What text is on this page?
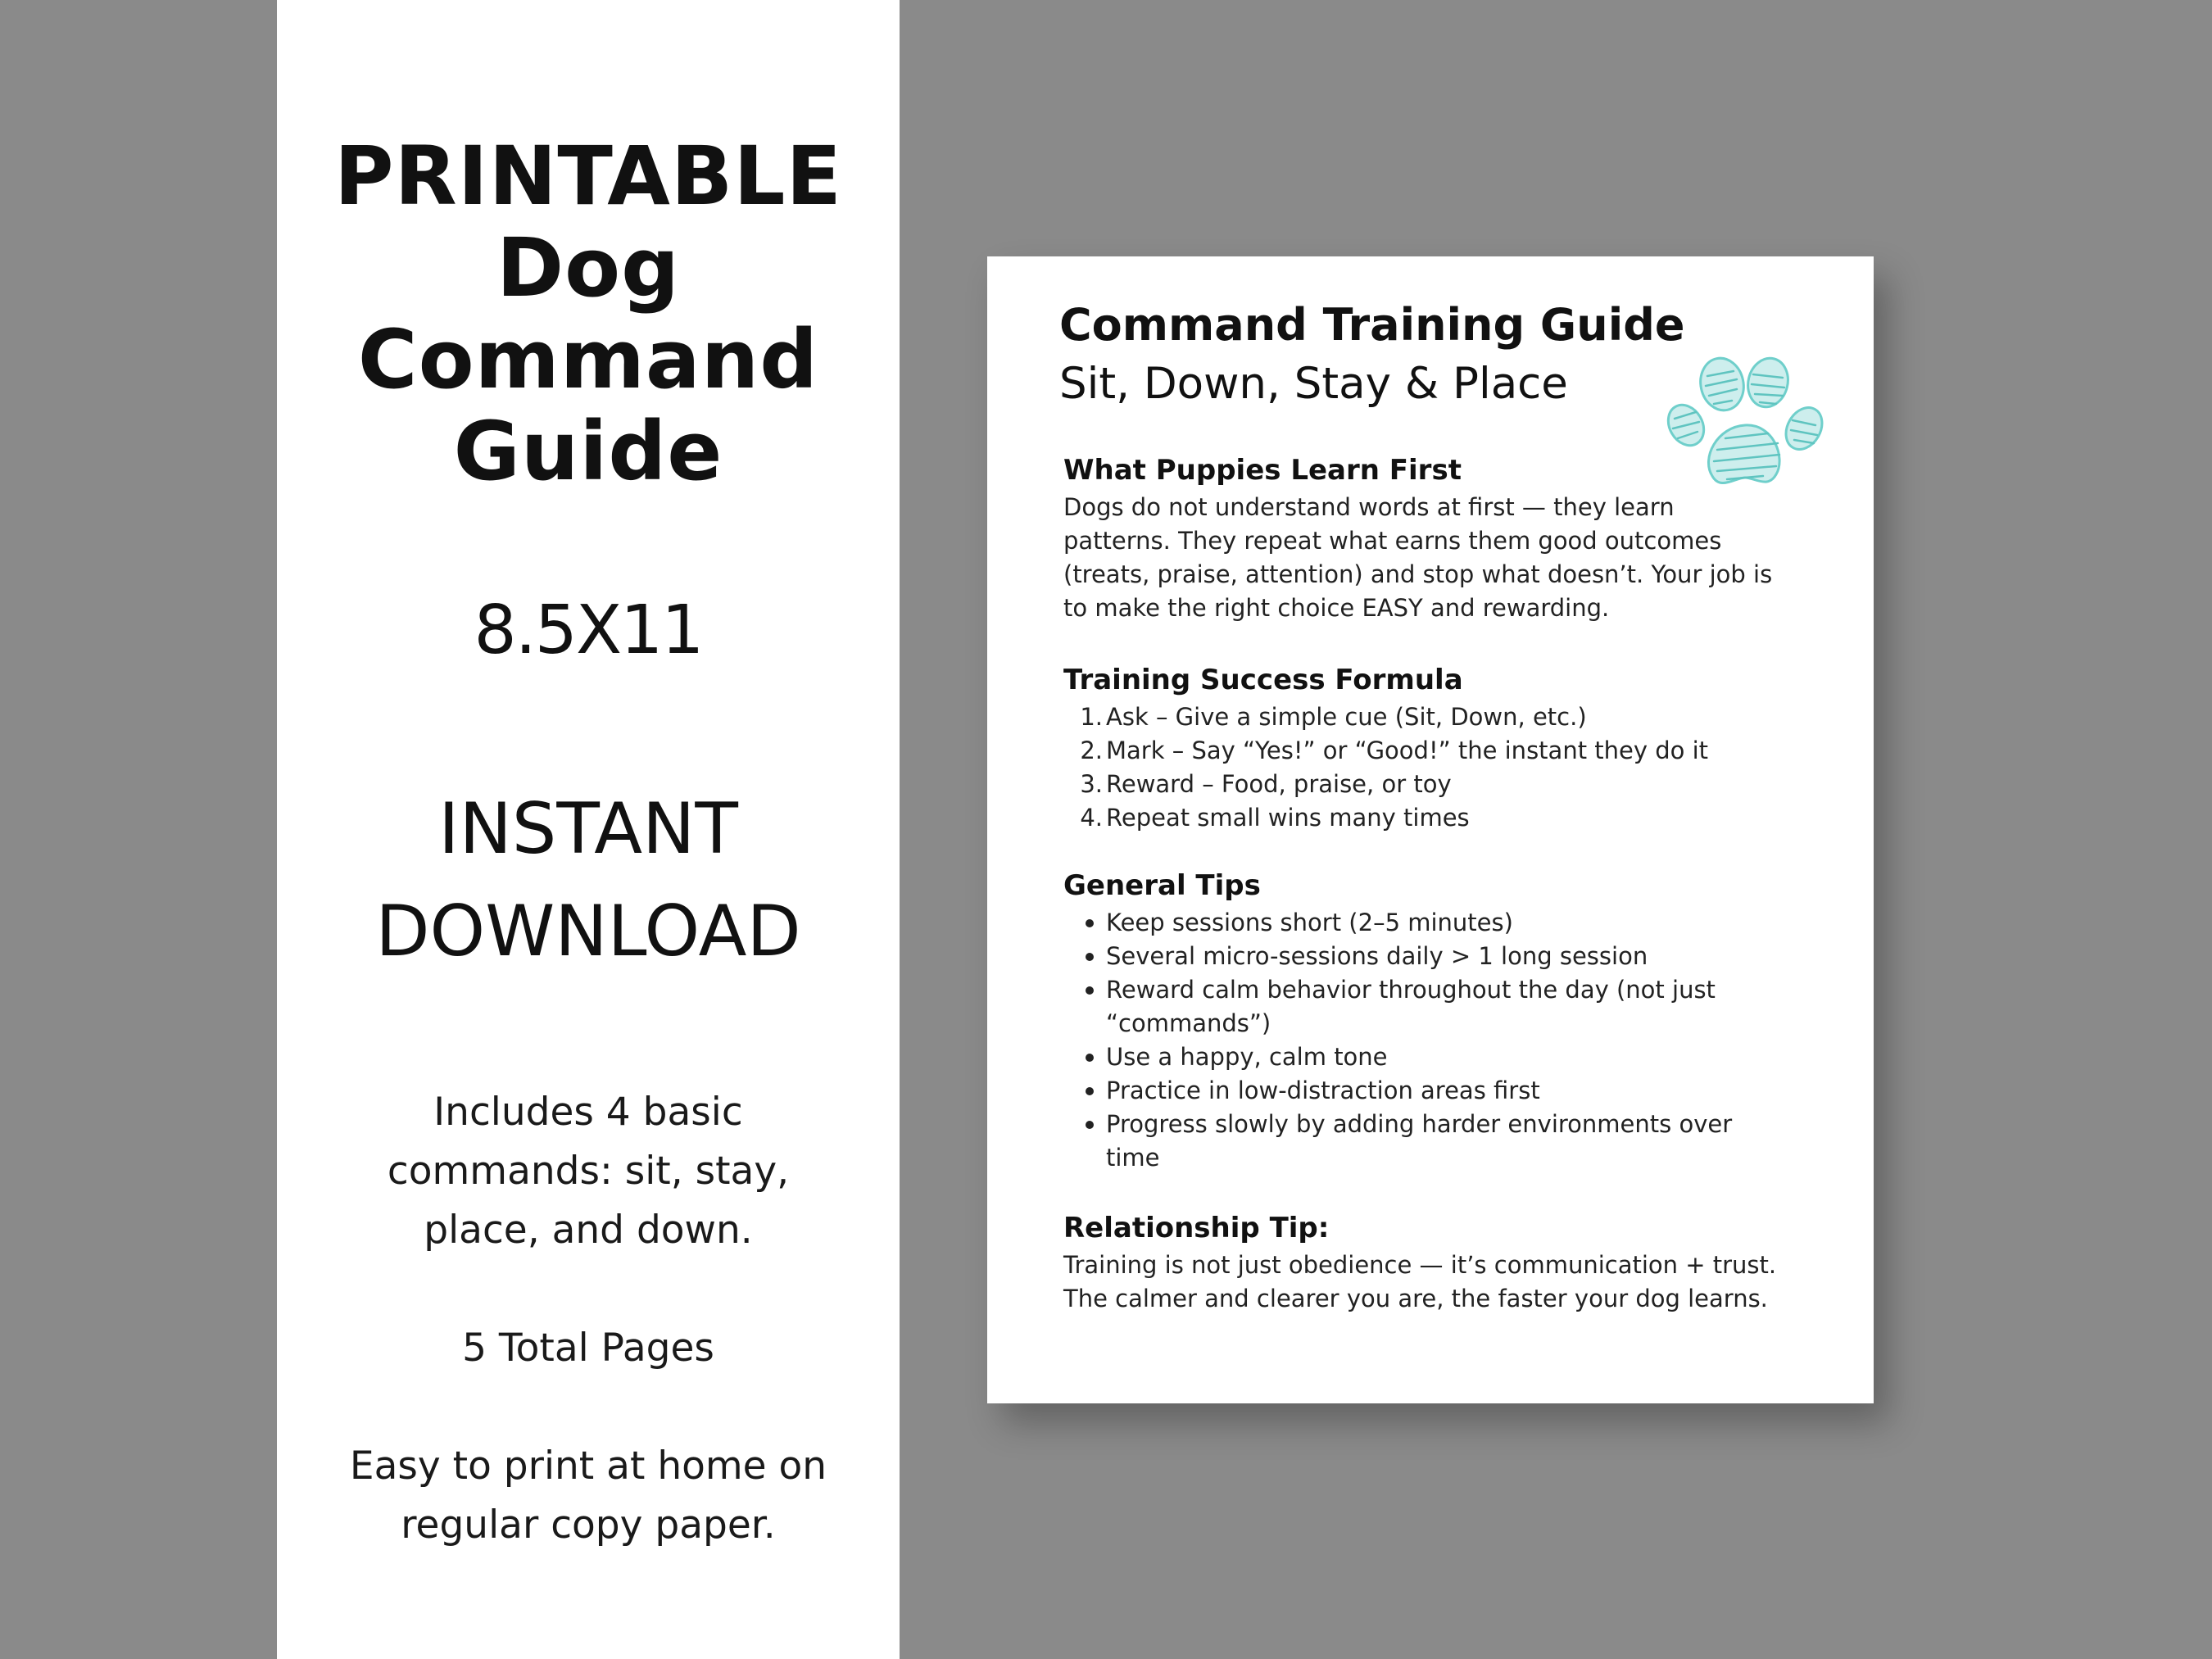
PRINTABLE
Dog
Command
Guide
8.5X11
INSTANT
DOWNLOAD
Includes 4 basic
commands: sit, stay,
place, and down.
5 Total Pages
Easy to print at home on
regular copy paper.
Command Training Guide
Sit, Down, Stay & Place

What Puppies Learn First

Dogs do not understand words at first — they learn
patterns. They repeat what earns them good outcomes
(treats, praise, attention) and stop what doesn’t. Your job is
to make the right choice EASY and rewarding.

Training Success Formula

1. Ask – Give a simple cue (Sit, Down, etc.)
2. Mark – Say “Yes!” or “Good!” the instant they do it
3. Reward – Food, praise, or toy
4. Repeat small wins many times

General Tips

Keep sessions short (2–5 minutes)
Several micro-sessions daily > 1 long session
Reward calm behavior throughout the day (not just
“commands”)
Use a happy, calm tone
Practice in low-distraction areas first
Progress slowly by adding harder environments over
time

Relationship Tip:

Training is not just obedience — it’s communication + trust.
The calmer and clearer you are, the faster your dog learns.
